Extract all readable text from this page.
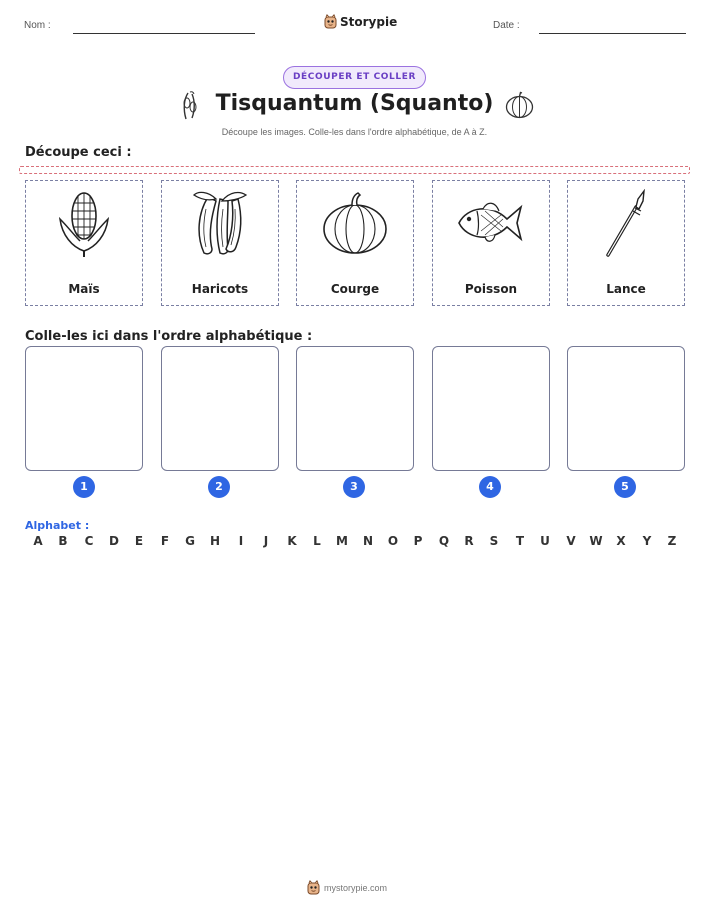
Nom :	Storypie	Date :
DÉCOUPER ET COLLER
Tisquantum (Squanto)
Découpe les images. Colle-les dans l'ordre alphabétique, de A à Z.
Découpe ceci :
Maïs	Haricots	Courge	Poisson	Lance
Colle-les ici dans l'ordre alphabétique :
1	2	3	4	5
Alphabet :
A	B	C	D	E	F	G	H	I	J	K	L	M	N	O	P	Q	R	S	T	U	V	W	X	Y	Z
mystorypie.com
